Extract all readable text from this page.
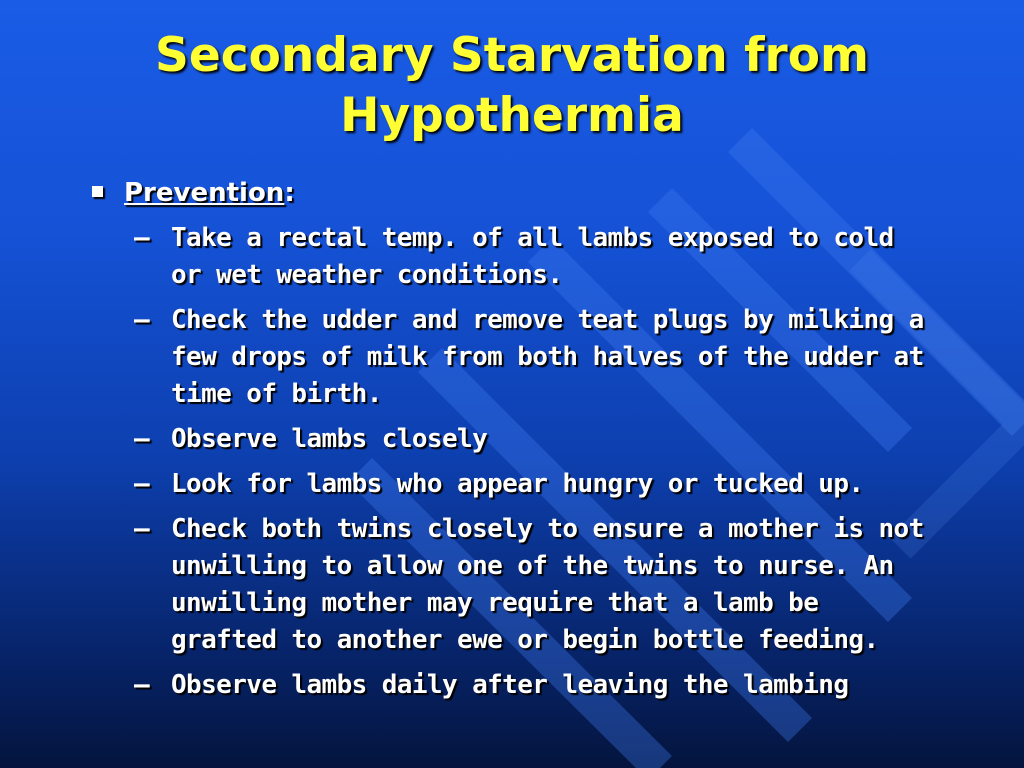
Secondary Starvation from Hypothermia
Prevention:
– Take a rectal temp. of all lambs exposed to cold or wet weather conditions.
– Check the udder and remove teat plugs by milking a few drops of milk from both halves of the udder at time of birth.
– Observe lambs closely
– Look for lambs who appear hungry or tucked up.
– Check both twins closely to ensure a mother is not unwilling to allow one of the twins to nurse. An unwilling mother may require that a lamb be grafted to another ewe or begin bottle feeding.
– Observe lambs daily after leaving the lambing
